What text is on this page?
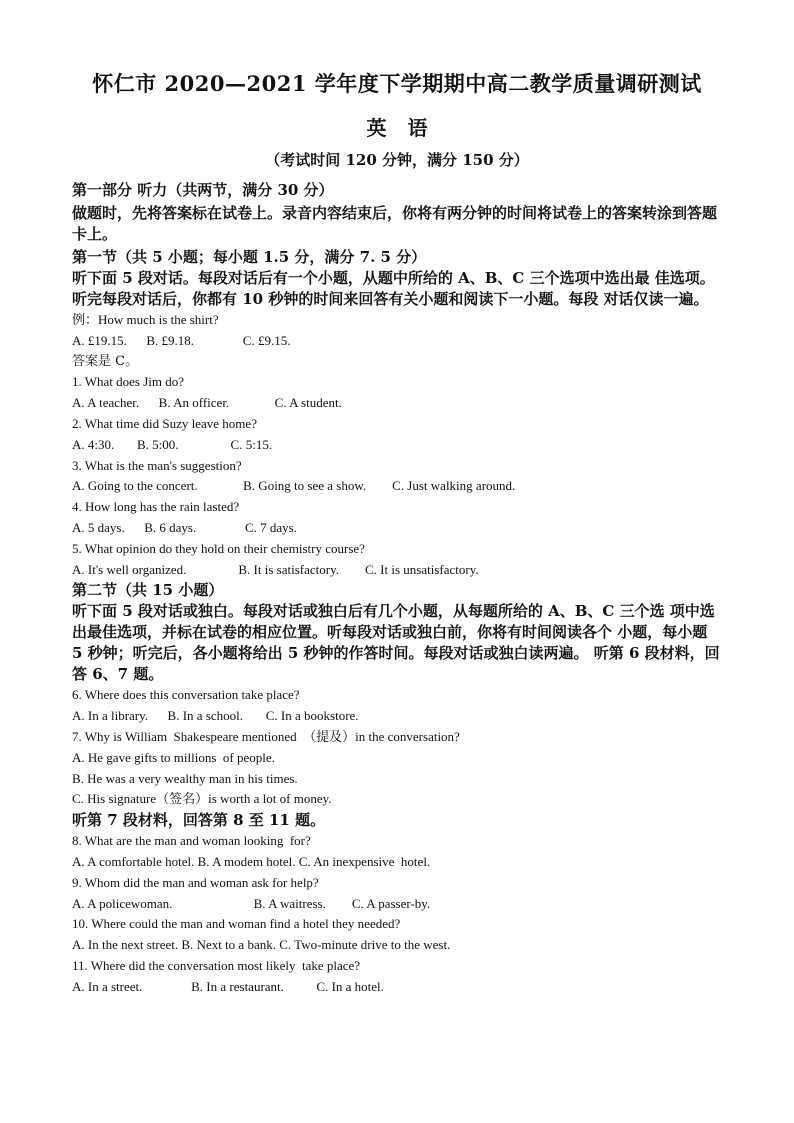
怀仁市 2020—2021 学年度下学期期中高二教学质量调研测试
英 语
（考试时间 120 分钟，满分 150 分）
第一部分 听力（共两节，满分 30 分）
做题时，先将答案标在试卷上。录音内容结束后，你将有两分钟的时间将试卷上的答案转涂到答题卡上。
第一节（共 5 小题；每小题 1.5 分，满分 7. 5 分）
听下面 5 段对话。每段对话后有一个小题，从题中所给的 A、B、C 三个选项中选出最 佳选项。听完每段对话后，你都有 10 秒钟的时间来回答有关小题和阅读下一小题。每段 对话仅读一遍。
例：How much is the shirt?
A. £19.15.      B. £9.18.               C. £9.15.
答案是 C。
1. What does Jim do?
A. A teacher.      B. An officer.              C. A student.
2. What time did Suzy leave home?
A. 4:30.       B. 5:00.                C. 5:15.
3. What is the man's suggestion?
A. Going to the concert.              B. Going to see a show.        C. Just walking around.
4. How long has the rain lasted?
A. 5 days.      B. 6 days.               C. 7 days.
5. What opinion do they hold on their chemistry course?
A. It's well organized.                B. It is satisfactory.        C. It is unsatisfactory.
第二节（共 15 小题）
听下面 5 段对话或独白。每段对话或独白后有几个小题，从每题所给的 A、B、C 三个选 项中选出最佳选项，并标在试卷的相应位置。听每段对话或独白前，你将有时间阅读各个 小题，每小题 5 秒钟；听完后，各小题将给出 5 秒钟的作答时间。每段对话或独白读两遍。 听第 6 段材料，回答 6、7 题。
6. Where does this conversation take place?
A. In a library.      B. In a school.       C. In a bookstore.
7. Why is William  Shakespeare mentioned  （提及）in the conversation?
A. He gave gifts to millions  of people.
B. He was a very wealthy man in his times.
C. His signature（签名）is worth a lot of money.
听第 7 段材料，回答第 8 至 11 题。
8. What are the man and woman looking  for?
A. A comfortable hotel. B. A modem hotel. C. An inexpensive  hotel.
9. Whom did the man and woman ask for help?
A. A policewoman.                         B. A waitress.        C. A passer-by.
10. Where could the man and woman find a hotel they needed?
A. In the next street. B. Next to a bank. C. Two-minute drive to the west.
11. Where did the conversation most likely  take place?
A. In a street.               B. In a restaurant.          C. In a hotel.
